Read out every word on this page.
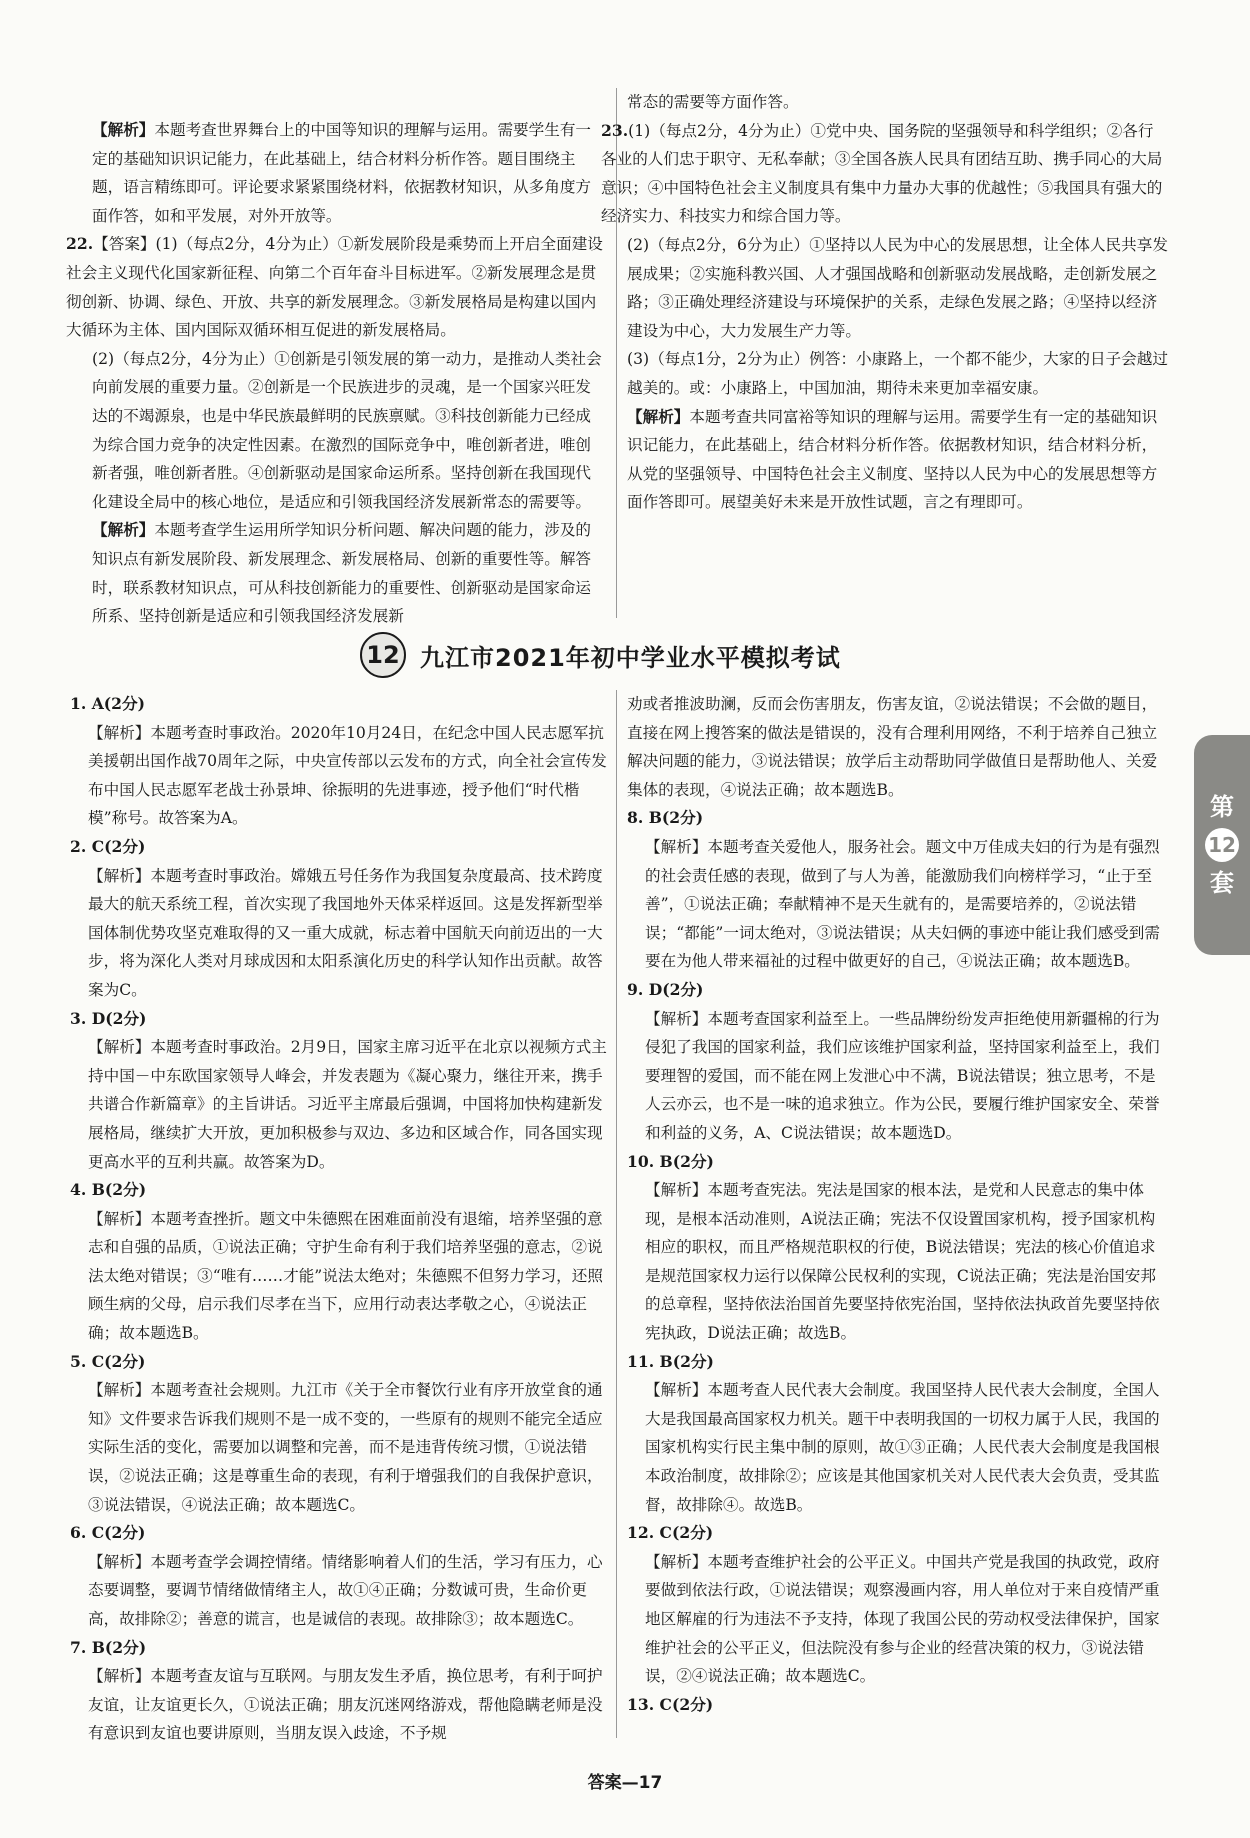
【解析】本题考查世界舞台上的中国等知识的理解与运用。需要学生有一定的基础知识识记能力，在此基础上，结合材料分析作答。题目围绕主题，语言精练即可。评论要求紧紧围绕材料，依据教材知识，从多角度方面作答，如和平发展，对外开放等。

22.【答案】(1)（每点2分，4分为止）①新发展阶段是乘势而上开启全面建设社会主义现代化国家新征程、向第二个百年奋斗目标进军。②新发展理念是贯彻创新、协调、绿色、开放、共享的新发展理念。③新发展格局是构建以国内大循环为主体、国内国际双循环相互促进的新发展格局。

(2)（每点2分，4分为止）①创新是引领发展的第一动力，是推动人类社会向前发展的重要力量。②创新是一个民族进步的灵魂，是一个国家兴旺发达的不竭源泉，也是中华民族最鲜明的民族禀赋。③科技创新能力已经成为综合国力竞争的决定性因素。在激烈的国际竞争中，唯创新者进，唯创新者强，唯创新者胜。④创新驱动是国家命运所系。坚持创新在我国现代化建设全局中的核心地位，是适应和引领我国经济发展新常态的需要等。

【解析】本题考查学生运用所学知识分析问题、解决问题的能力，涉及的知识点有新发展阶段、新发展理念、新发展格局、创新的重要性等。解答时，联系教材知识点，可从科技创新能力的重要性、创新驱动是国家命运所系、坚持创新是适应和引领我国经济发展新

常态的需要等方面作答。

23.(1)（每点2分，4分为止）①党中央、国务院的坚强领导和科学组织；②各行各业的人们忠于职守、无私奉献；③全国各族人民具有团结互助、携手同心的大局意识；④中国特色社会主义制度具有集中力量办大事的优越性；⑤我国具有强大的经济实力、科技实力和综合国力等。

(2)（每点2分，6分为止）①坚持以人民为中心的发展思想，让全体人民共享发展成果；②实施科教兴国、人才强国战略和创新驱动发展战略，走创新发展之路；③正确处理经济建设与环境保护的关系，走绿色发展之路；④坚持以经济建设为中心，大力发展生产力等。

(3)（每点1分，2分为止）例答：小康路上，一个都不能少，大家的日子会越过越美的。或：小康路上，中国加油，期待未来更加幸福安康。

【解析】本题考查共同富裕等知识的理解与运用。需要学生有一定的基础知识识记能力，在此基础上，结合材料分析作答。依据教材知识，结合材料分析，从党的坚强领导、中国特色社会主义制度、坚持以人民为中心的发展思想等方面作答即可。展望美好未来是开放性试题，言之有理即可。

12 九江市2021年初中学业水平模拟考试

1. A(2分)

【解析】本题考查时事政治。2020年10月24日，在纪念中国人民志愿军抗美援朝出国作战70周年之际，中央宣传部以云发布的方式，向全社会宣传发布中国人民志愿军老战士孙景坤、徐振明的先进事迹，授予他们“时代楷模”称号。故答案为A。

2. C(2分)

【解析】本题考查时事政治。嫦娥五号任务作为我国复杂度最高、技术跨度最大的航天系统工程，首次实现了我国地外天体采样返回。这是发挥新型举国体制优势攻坚克难取得的又一重大成就，标志着中国航天向前迈出的一大步，将为深化人类对月球成因和太阳系演化历史的科学认知作出贡献。故答案为C。

3. D(2分)

【解析】本题考查时事政治。2月9日，国家主席习近平在北京以视频方式主持中国－中东欧国家领导人峰会，并发表题为《凝心聚力，继往开来，携手共谱合作新篇章》的主旨讲话。习近平主席最后强调，中国将加快构建新发展格局，继续扩大开放，更加积极参与双边、多边和区域合作，同各国实现更高水平的互利共赢。故答案为D。

4. B(2分)

【解析】本题考查挫折。题文中朱德熙在困难面前没有退缩，培养坚强的意志和自强的品质，①说法正确；守护生命有利于我们培养坚强的意志，②说法太绝对错误；③“唯有……才能”说法太绝对；朱德熙不但努力学习，还照顾生病的父母，启示我们尽孝在当下，应用行动表达孝敬之心，④说法正确；故本题选B。

5. C(2分)

【解析】本题考查社会规则。九江市《关于全市餐饮行业有序开放堂食的通知》文件要求告诉我们规则不是一成不变的，一些原有的规则不能完全适应实际生活的变化，需要加以调整和完善，而不是违背传统习惯，①说法错误，②说法正确；这是尊重生命的表现，有利于增强我们的自我保护意识，③说法错误，④说法正确；故本题选C。

6. C(2分)

【解析】本题考查学会调控情绪。情绪影响着人们的生活，学习有压力，心态要调整，要调节情绪做情绪主人，故①④正确；分数诚可贵，生命价更高，故排除②；善意的谎言，也是诚信的表现。故排除③；故本题选C。

7. B(2分)

【解析】本题考查友谊与互联网。与朋友发生矛盾，换位思考，有利于呵护友谊，让友谊更长久，①说法正确；朋友沉迷网络游戏，帮他隐瞒老师是没有意识到友谊也要讲原则，当朋友误入歧途，不予规

劝或者推波助澜，反而会伤害朋友，伤害友谊，②说法错误；不会做的题目，直接在网上搜答案的做法是错误的，没有合理利用网络，不利于培养自己独立解决问题的能力，③说法错误；放学后主动帮助同学做值日是帮助他人、关爱集体的表现，④说法正确；故本题选B。

8. B(2分)

【解析】本题考查关爱他人，服务社会。题文中万佳成夫妇的行为是有强烈的社会责任感的表现，做到了与人为善，能激励我们向榜样学习，“止于至善”，①说法正确；奉献精神不是天生就有的，是需要培养的，②说法错误；“都能”一词太绝对，③说法错误；从夫妇俩的事迹中能让我们感受到需要在为他人带来福祉的过程中做更好的自己，④说法正确；故本题选B。

9. D(2分)

【解析】本题考查国家利益至上。一些品牌纷纷发声拒绝使用新疆棉的行为侵犯了我国的国家利益，我们应该维护国家利益，坚持国家利益至上，我们要理智的爱国，而不能在网上发泄心中不满，B说法错误；独立思考，不是人云亦云，也不是一味的追求独立。作为公民，要履行维护国家安全、荣誉和利益的义务，A、C说法错误；故本题选D。

10. B(2分)

【解析】本题考查宪法。宪法是国家的根本法，是党和人民意志的集中体现，是根本活动准则，A说法正确；宪法不仅设置国家机构，授予国家机构相应的职权，而且严格规范职权的行使，B说法错误；宪法的核心价值追求是规范国家权力运行以保障公民权利的实现，C说法正确；宪法是治国安邦的总章程，坚持依法治国首先要坚持依宪治国，坚持依法执政首先要坚持依宪执政，D说法正确；故选B。

11. B(2分)

【解析】本题考查人民代表大会制度。我国坚持人民代表大会制度，全国人大是我国最高国家权力机关。题干中表明我国的一切权力属于人民，我国的国家机构实行民主集中制的原则，故①③正确；人民代表大会制度是我国根本政治制度，故排除②；应该是其他国家机关对人民代表大会负责，受其监督，故排除④。故选B。

12. C(2分)

【解析】本题考查维护社会的公平正义。中国共产党是我国的执政党，政府要做到依法行政，①说法错误；观察漫画内容，用人单位对于来自疫情严重地区解雇的行为违法不予支持，体现了我国公民的劳动权受法律保护，国家维护社会的公平正义，但法院没有参与企业的经营决策的权力，③说法错误，②④说法正确；故本题选C。

13. C(2分)

第
12
套
答案—17
